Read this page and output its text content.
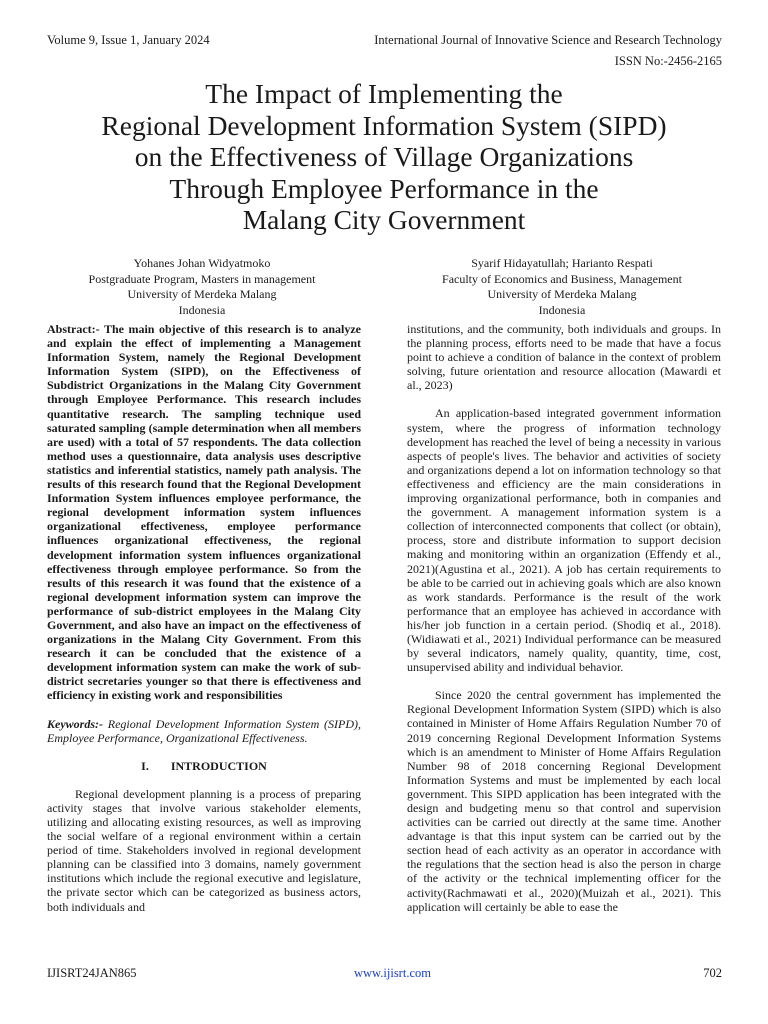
Volume 9, Issue 1, January 2024	International Journal of Innovative Science and Research Technology
ISSN No:-2456-2165
The Impact of Implementing the
Regional Development Information System (SIPD)
on the Effectiveness of Village Organizations
Through Employee Performance in the
Malang City Government
Yohanes Johan Widyatmoko
Postgraduate Program, Masters in management
University of Merdeka Malang
Indonesia
Syarif Hidayatullah; Harianto Respati
Faculty of Economics and Business, Management
University of Merdeka Malang
Indonesia

Abstract:- The main objective of this research is to analyze and explain the effect of implementing a Management Information System, namely the Regional Development Information System (SIPD), on the Effectiveness of Subdistrict Organizations in the Malang City Government through Employee Performance. This research includes quantitative research. The sampling technique used saturated sampling (sample determination when all members are used) with a total of 57 respondents. The data collection method uses a questionnaire, data analysis uses descriptive statistics and inferential statistics, namely path analysis. The results of this research found that the Regional Development Information System influences employee performance, the regional development information system influences organizational effectiveness, employee performance influences organizational effectiveness, the regional development information system influences organizational effectiveness through employee performance. So from the results of this research it was found that the existence of a regional development information system can improve the performance of sub-district employees in the Malang City Government, and also have an impact on the effectiveness of organizations in the Malang City Government. From this research it can be concluded that the existence of a development information system can make the work of sub-district secretaries younger so that there is effectiveness and efficiency in existing work and responsibilities

Keywords:- Regional Development Information System (SIPD), Employee Performance, Organizational Effectiveness.

I. INTRODUCTION

Regional development planning is a process of preparing activity stages that involve various stakeholder elements, utilizing and allocating existing resources, as well as improving the social welfare of a regional environment within a certain period of time. Stakeholders involved in regional development planning can be classified into 3 domains, namely government institutions which include the regional executive and legislature, the private sector which can be categorized as business actors, both individuals and

institutions, and the community, both individuals and groups. In the planning process, efforts need to be made that have a focus point to achieve a condition of balance in the context of problem solving, future orientation and resource allocation (Mawardi et al., 2023)

An application-based integrated government information system, where the progress of information technology development has reached the level of being a necessity in various aspects of people's lives. The behavior and activities of society and organizations depend a lot on information technology so that effectiveness and efficiency are the main considerations in improving organizational performance, both in companies and the government. A management information system is a collection of interconnected components that collect (or obtain), process, store and distribute information to support decision making and monitoring within an organization (Effendy et al., 2021)(Agustina et al., 2021). A job has certain requirements to be able to be carried out in achieving goals which are also known as work standards. Performance is the result of the work performance that an employee has achieved in accordance with his/her job function in a certain period. (Shodiq et al., 2018). (Widiawati et al., 2021) Individual performance can be measured by several indicators, namely quality, quantity, time, cost, unsupervised ability and individual behavior.

Since 2020 the central government has implemented the Regional Development Information System (SIPD) which is also contained in Minister of Home Affairs Regulation Number 70 of 2019 concerning Regional Development Information Systems which is an amendment to Minister of Home Affairs Regulation Number 98 of 2018 concerning Regional Development Information Systems and must be implemented by each local government. This SIPD application has been integrated with the design and budgeting menu so that control and supervision activities can be carried out directly at the same time. Another advantage is that this input system can be carried out by the section head of each activity as an operator in accordance with the regulations that the section head is also the person in charge of the activity or the technical implementing officer for the activity(Rachmawati et al., 2020)(Muizah et al., 2021). This application will certainly be able to ease the

IJISRT24JAN865	www.ijisrt.com	702
